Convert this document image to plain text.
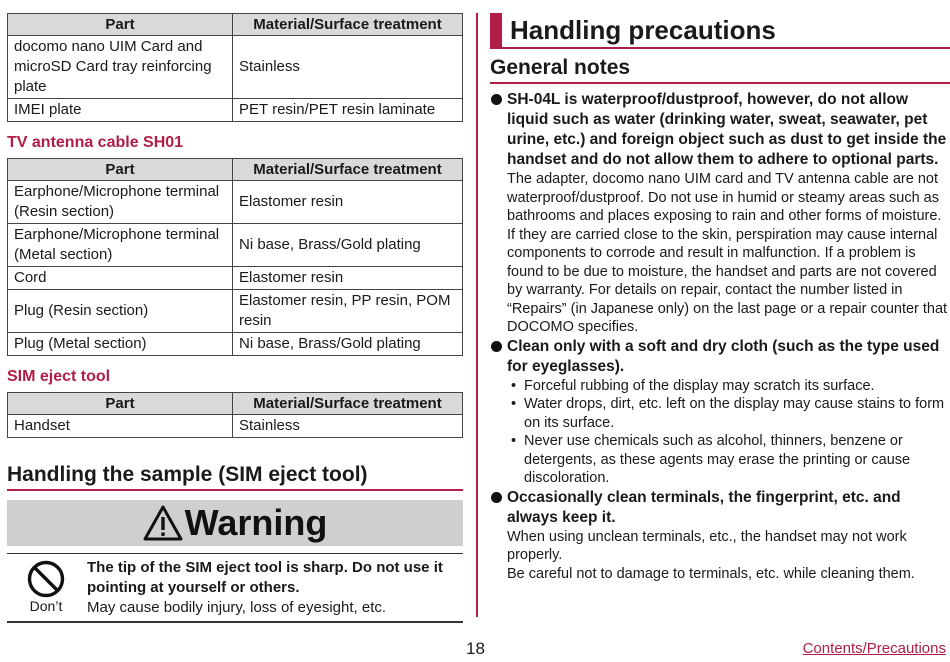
Part	Material/Surface treatment
docomo nano UIM Card and microSD Card tray reinforcing plate	Stainless
IMEI plate	PET resin/PET resin laminate
TV antenna cable SH01
Part	Material/Surface treatment
Earphone/Microphone terminal (Resin section)	Elastomer resin
Earphone/Microphone terminal (Metal section)	Ni base, Brass/Gold plating
Cord	Elastomer resin
Plug (Resin section)	Elastomer resin, PP resin, POM resin
Plug (Metal section)	Ni base, Brass/Gold plating
SIM eject tool
Part	Material/Surface treatment
Handset	Stainless
Handling the sample (SIM eject tool)
Warning
Don’t
The tip of the SIM eject tool is sharp. Do not use it pointing at yourself or others.
May cause bodily injury, loss of eyesight, etc.
Handling precautions
General notes
SH-04L is waterproof/dustproof, however, do not allow liquid such as water (drinking water, sweat, seawater, pet urine, etc.) and foreign object such as dust to get inside the handset and do not allow them to adhere to optional parts.
The adapter, docomo nano UIM card and TV antenna cable are not waterproof/dustproof. Do not use in humid or steamy areas such as bathrooms and places exposing to rain and other forms of moisture. If they are carried close to the skin, perspiration may cause internal components to corrode and result in malfunction. If a problem is found to be due to moisture, the handset and parts are not covered by warranty. For details on repair, contact the number listed in “Repairs” (in Japanese only) on the last page or a repair counter that DOCOMO specifies.
Clean only with a soft and dry cloth (such as the type used for eyeglasses).
• Forceful rubbing of the display may scratch its surface.
• Water drops, dirt, etc. left on the display may cause stains to form on its surface.
• Never use chemicals such as alcohol, thinners, benzene or detergents, as these agents may erase the printing or cause discoloration.
Occasionally clean terminals, the fingerprint, etc. and always keep it.
When using unclean terminals, etc., the handset may not work properly.
Be careful not to damage to terminals, etc. while cleaning them.
18	Contents/Precautions
